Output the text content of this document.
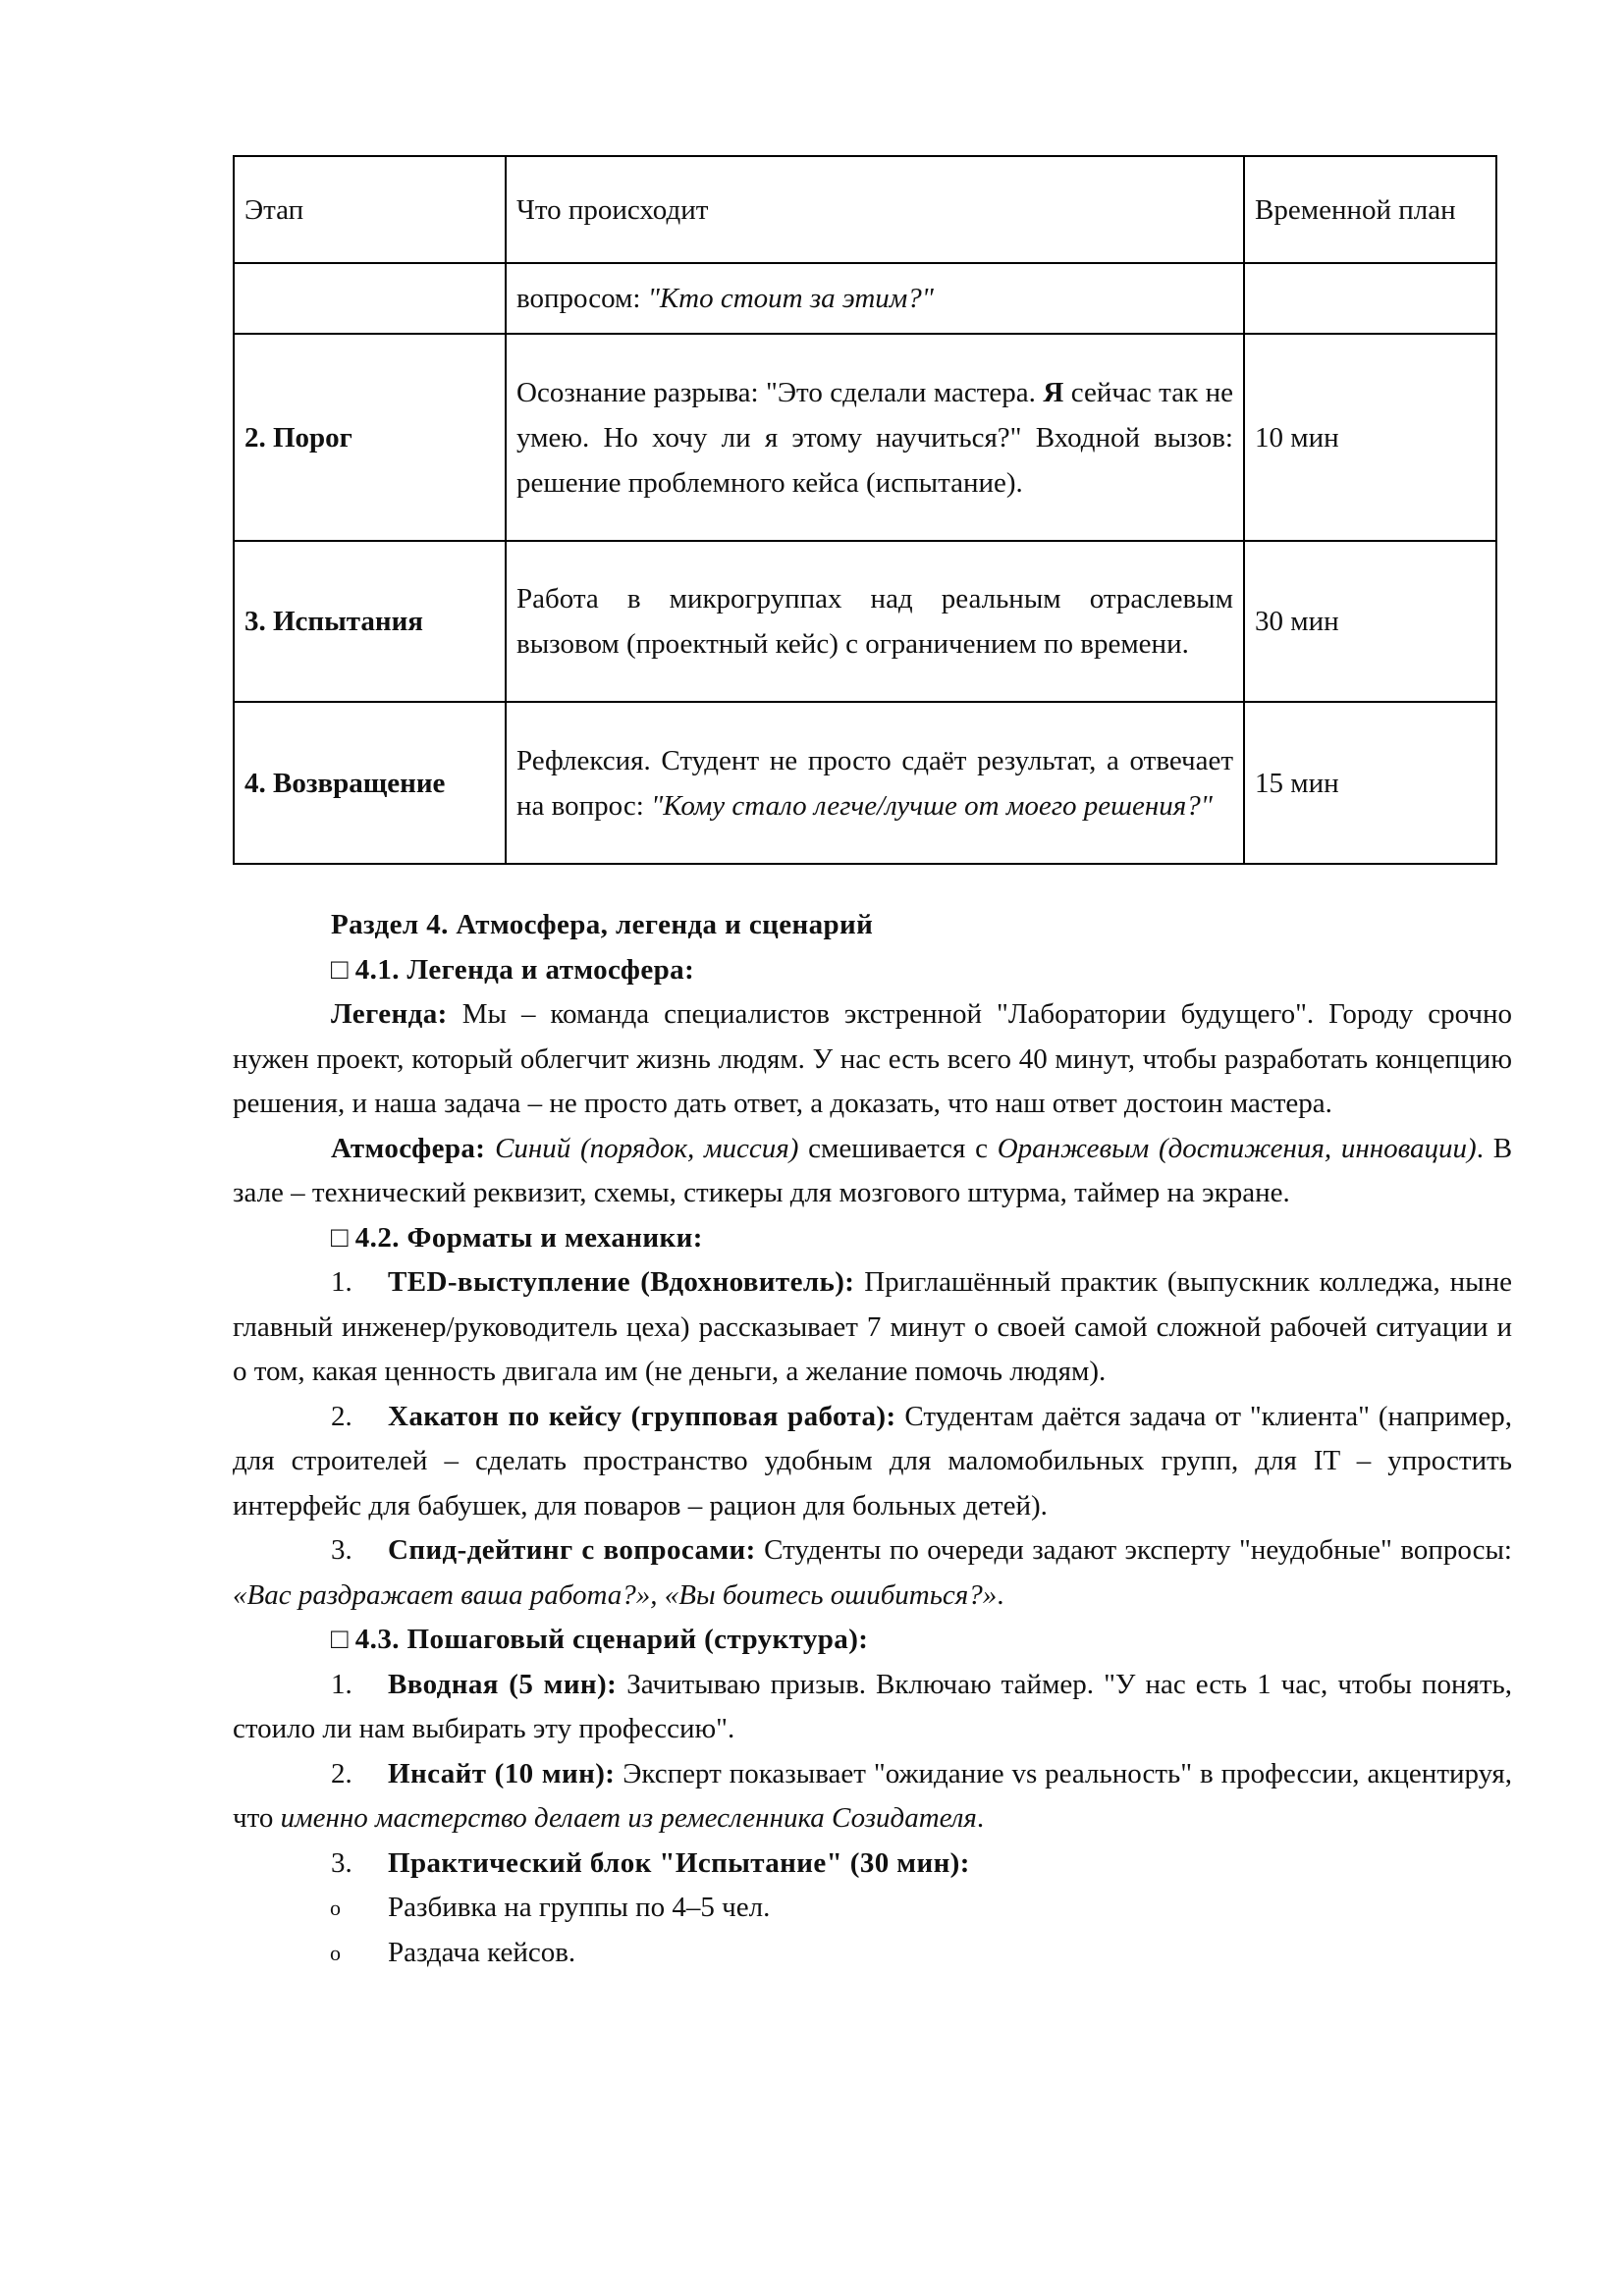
Этап	Что происходит	Временной план
	вопросом: "Кто стоит за этим?"	
2. Порог	Осознание разрыва: "Это сделали мастера. Я сейчас так не умею. Но хочу ли я этому научиться?" Входной вызов: решение проблемного кейса (испытание).	10 мин
3. Испытания	Работа в микрогруппах над реальным отраслевым вызовом (проектный кейс) с ограничением по времени.	30 мин
4. Возвращение	Рефлексия. Студент не просто сдаёт результат, а отвечает на вопрос: "Кому стало легче/лучше от моего решения?"	15 мин

Раздел 4. Атмосфера, легенда и сценарий

□ 4.1. Легенда и атмосфера:

Легенда: Мы – команда специалистов экстренной "Лаборатории будущего". Городу срочно нужен проект, который облегчит жизнь людям. У нас есть всего 40 минут, чтобы разработать концепцию решения, и наша задача – не просто дать ответ, а доказать, что наш ответ достоин мастера.

Атмосфера: Синий (порядок, миссия) смешивается с Оранжевым (достижения, инновации). В зале – технический реквизит, схемы, стикеры для мозгового штурма, таймер на экране.

□ 4.2. Форматы и механики:

1. TED-выступление (Вдохновитель): Приглашённый практик (выпускник колледжа, ныне главный инженер/руководитель цеха) рассказывает 7 минут о своей самой сложной рабочей ситуации и о том, какая ценность двигала им (не деньги, а желание помочь людям).

2. Хакатон по кейсу (групповая работа): Студентам даётся задача от "клиента" (например, для строителей – сделать пространство удобным для маломобильных групп, для IT – упростить интерфейс для бабушек, для поваров – рацион для больных детей).

3. Спид-дейтинг с вопросами: Студенты по очереди задают эксперту "неудобные" вопросы: «Вас раздражает ваша работа?», «Вы боитесь ошибиться?».

□ 4.3. Пошаговый сценарий (структура):

1. Вводная (5 мин): Зачитываю призыв. Включаю таймер. "У нас есть 1 час, чтобы понять, стоило ли нам выбирать эту профессию".

2. Инсайт (10 мин): Эксперт показывает "ожидание vs реальность" в профессии, акцентируя, что именно мастерство делает из ремесленника Созидателя.

3. Практический блок "Испытание" (30 мин):

o Разбивка на группы по 4–5 чел.

o Раздача кейсов.
